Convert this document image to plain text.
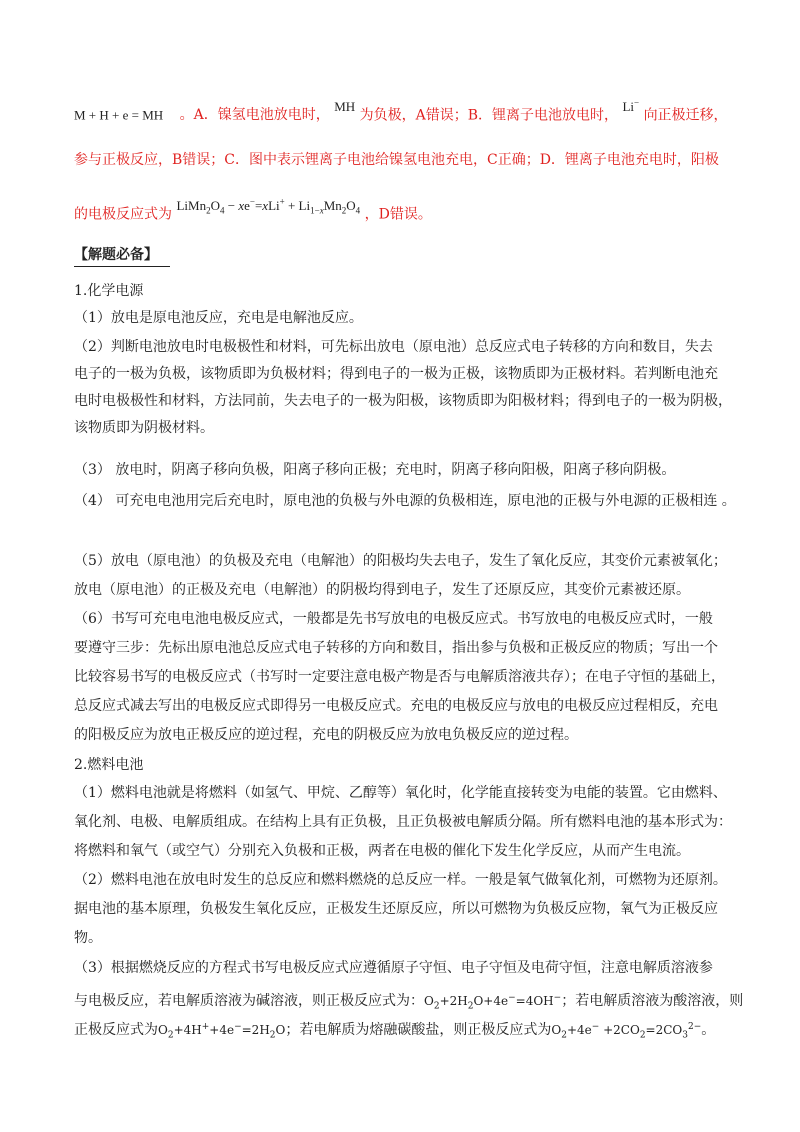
M + H + e = MH 。A．镍氢电池放电时， MH 为负极，A错误；B．锂离子电池放电时， Li− 向正极迁移，
参与正极反应，B错误；C．图中表示锂离子电池给镍氢电池充电，C正确；D．锂离子电池充电时，阳极
的电极反应式为 $LiMn_2O_4 - xe^-=xLi^+ + Li_{1-x}Mn_2O_4$ ，D错误。
【解题必备】
1.化学电源
（1）放电是原电池反应，充电是电解池反应。
（2）判断电池放电时电极极性和材料，可先标出放电（原电池）总反应式电子转移的方向和数目，失去
电子的一极为负极，该物质即为负极材料；得到电子的一极为正极，该物质即为正极材料。若判断电池充
电时电极极性和材料，方法同前，失去电子的一极为阳极，该物质即为阳极材料；得到电子的一极为阴极，
该物质即为阴极材料。
（3） 放电时，阴离子移向负极，阳离子移向正极；充电时，阴离子移向阳极，阳离子移向阴极。
（4） 可充电电池用完后充电时，原电池的负极与外电源的负极相连，原电池的正极与外电源的正极相连 。
（5）放电（原电池）的负极及充电（电解池）的阳极均失去电子，发生了氧化反应，其变价元素被氧化；
放电（原电池）的正极及充电（电解池）的阴极均得到电子，发生了还原反应，其变价元素被还原。
（6）书写可充电电池电极反应式，一般都是先书写放电的电极反应式。书写放电的电极反应式时，一般
要遵守三步：先标出原电池总反应式电子转移的方向和数目，指出参与负极和正极反应的物质；写出一个
比较容易书写的电极反应式（书写时一定要注意电极产物是否与电解质溶液共存）；在电子守恒的基础上，
总反应式减去写出的电极反应式即得另一电极反应式。充电的电极反应与放电的电极反应过程相反，充电
的阳极反应为放电正极反应的逆过程，充电的阴极反应为放电负极反应的逆过程。
2.燃料电池
（1）燃料电池就是将燃料（如氢气、甲烷、乙醇等）氧化时，化学能直接转变为电能的装置。它由燃料、
氧化剂、电极、电解质组成。在结构上具有正负极，且正负极被电解质分隔。所有燃料电池的基本形式为：
将燃料和氧气（或空气）分别充入负极和正极，两者在电极的催化下发生化学反应，从而产生电流。
（2）燃料电池在放电时发生的总反应和燃料燃烧的总反应一样。一般是氧气做氧化剂，可燃物为还原剂。
据电池的基本原理，负极发生氧化反应，正极发生还原反应，所以可燃物为负极反应物，氧气为正极反应
物。
（3）根据燃烧反应的方程式书写电极反应式应遵循原子守恒、电子守恒及电荷守恒，注意电解质溶液参
与电极反应，若电解质溶液为碱溶液，则正极反应式为：$O_2+2H_2O+4e^-=4OH^-$；若电解质溶液为酸溶液，则
正极反应式为$O_2+4H^++4e^-=2H_2O$；若电解质为熔融碳酸盐，则正极反应式为$O_2+4e^- +2CO_2=2CO_3^{2-}$。
